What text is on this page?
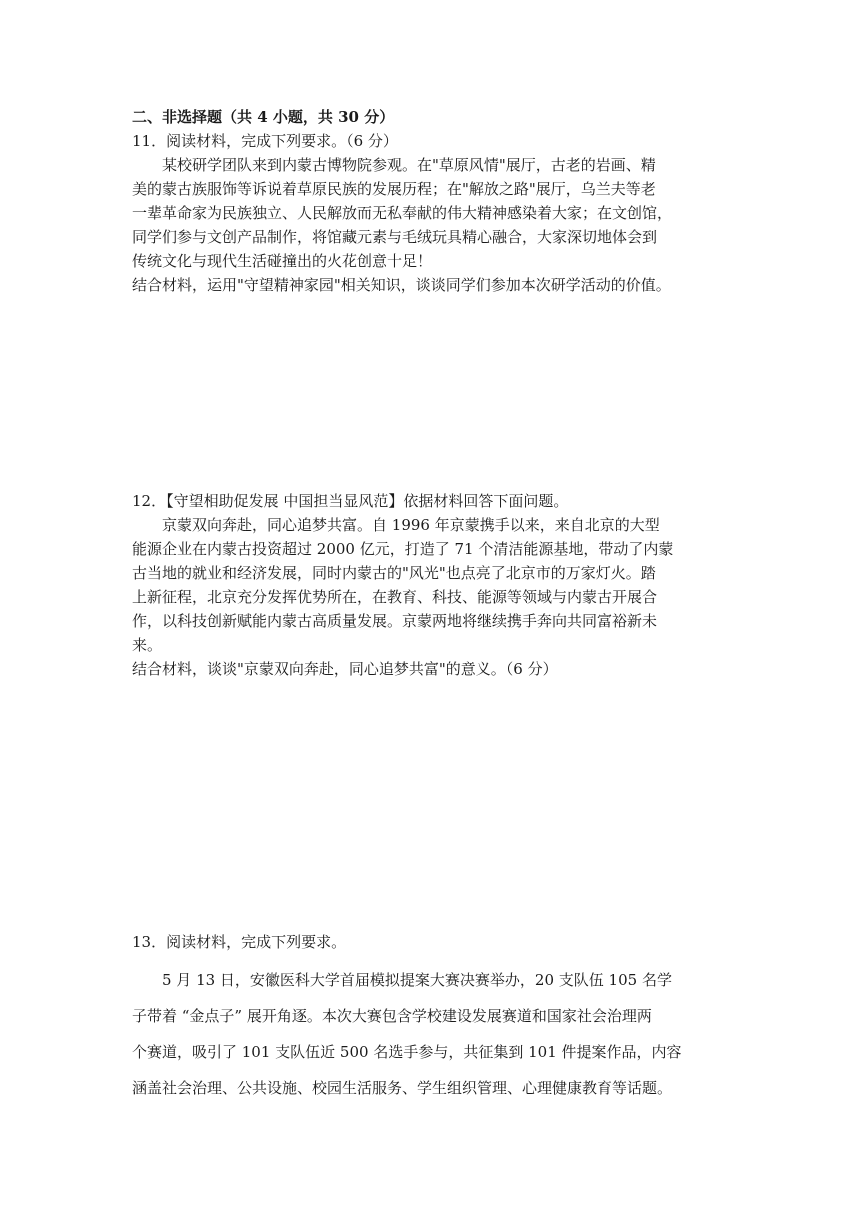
二、非选择题（共 4 小题，共 30 分）
11．阅读材料，完成下列要求。（6 分）
某校研学团队来到内蒙古博物院参观。在"草原风情"展厅，古老的岩画、精
美的蒙古族服饰等诉说着草原民族的发展历程；在"解放之路"展厅，乌兰夫等老
一辈革命家为民族独立、人民解放而无私奉献的伟大精神感染着大家；在文创馆，
同学们参与文创产品制作，将馆藏元素与毛绒玩具精心融合，大家深切地体会到
传统文化与现代生活碰撞出的火花创意十足！
结合材料，运用"守望精神家园"相关知识，谈谈同学们参加本次研学活动的价值。
12．【守望相助促发展 中国担当显风范】依据材料回答下面问题。
京蒙双向奔赴，同心追梦共富。自 1996 年京蒙携手以来，来自北京的大型
能源企业在内蒙古投资超过 2000 亿元，打造了 71 个清洁能源基地，带动了内蒙
古当地的就业和经济发展，同时内蒙古的"风光"也点亮了北京市的万家灯火。踏
上新征程，北京充分发挥优势所在，在教育、科技、能源等领域与内蒙古开展合
作，以科技创新赋能内蒙古高质量发展。京蒙两地将继续携手奔向共同富裕新未
来。
结合材料，谈谈"京蒙双向奔赴，同心追梦共富"的意义。（6 分）
13．阅读材料，完成下列要求。
5 月 13 日，安徽医科大学首届模拟提案大赛决赛举办，20 支队伍 105 名学
子带着 “金点子” 展开角逐。本次大赛包含学校建设发展赛道和国家社会治理两
个赛道，吸引了 101 支队伍近 500 名选手参与，共征集到 101 件提案作品，内容
涵盖社会治理、公共设施、校园生活服务、学生组织管理、心理健康教育等话题。
